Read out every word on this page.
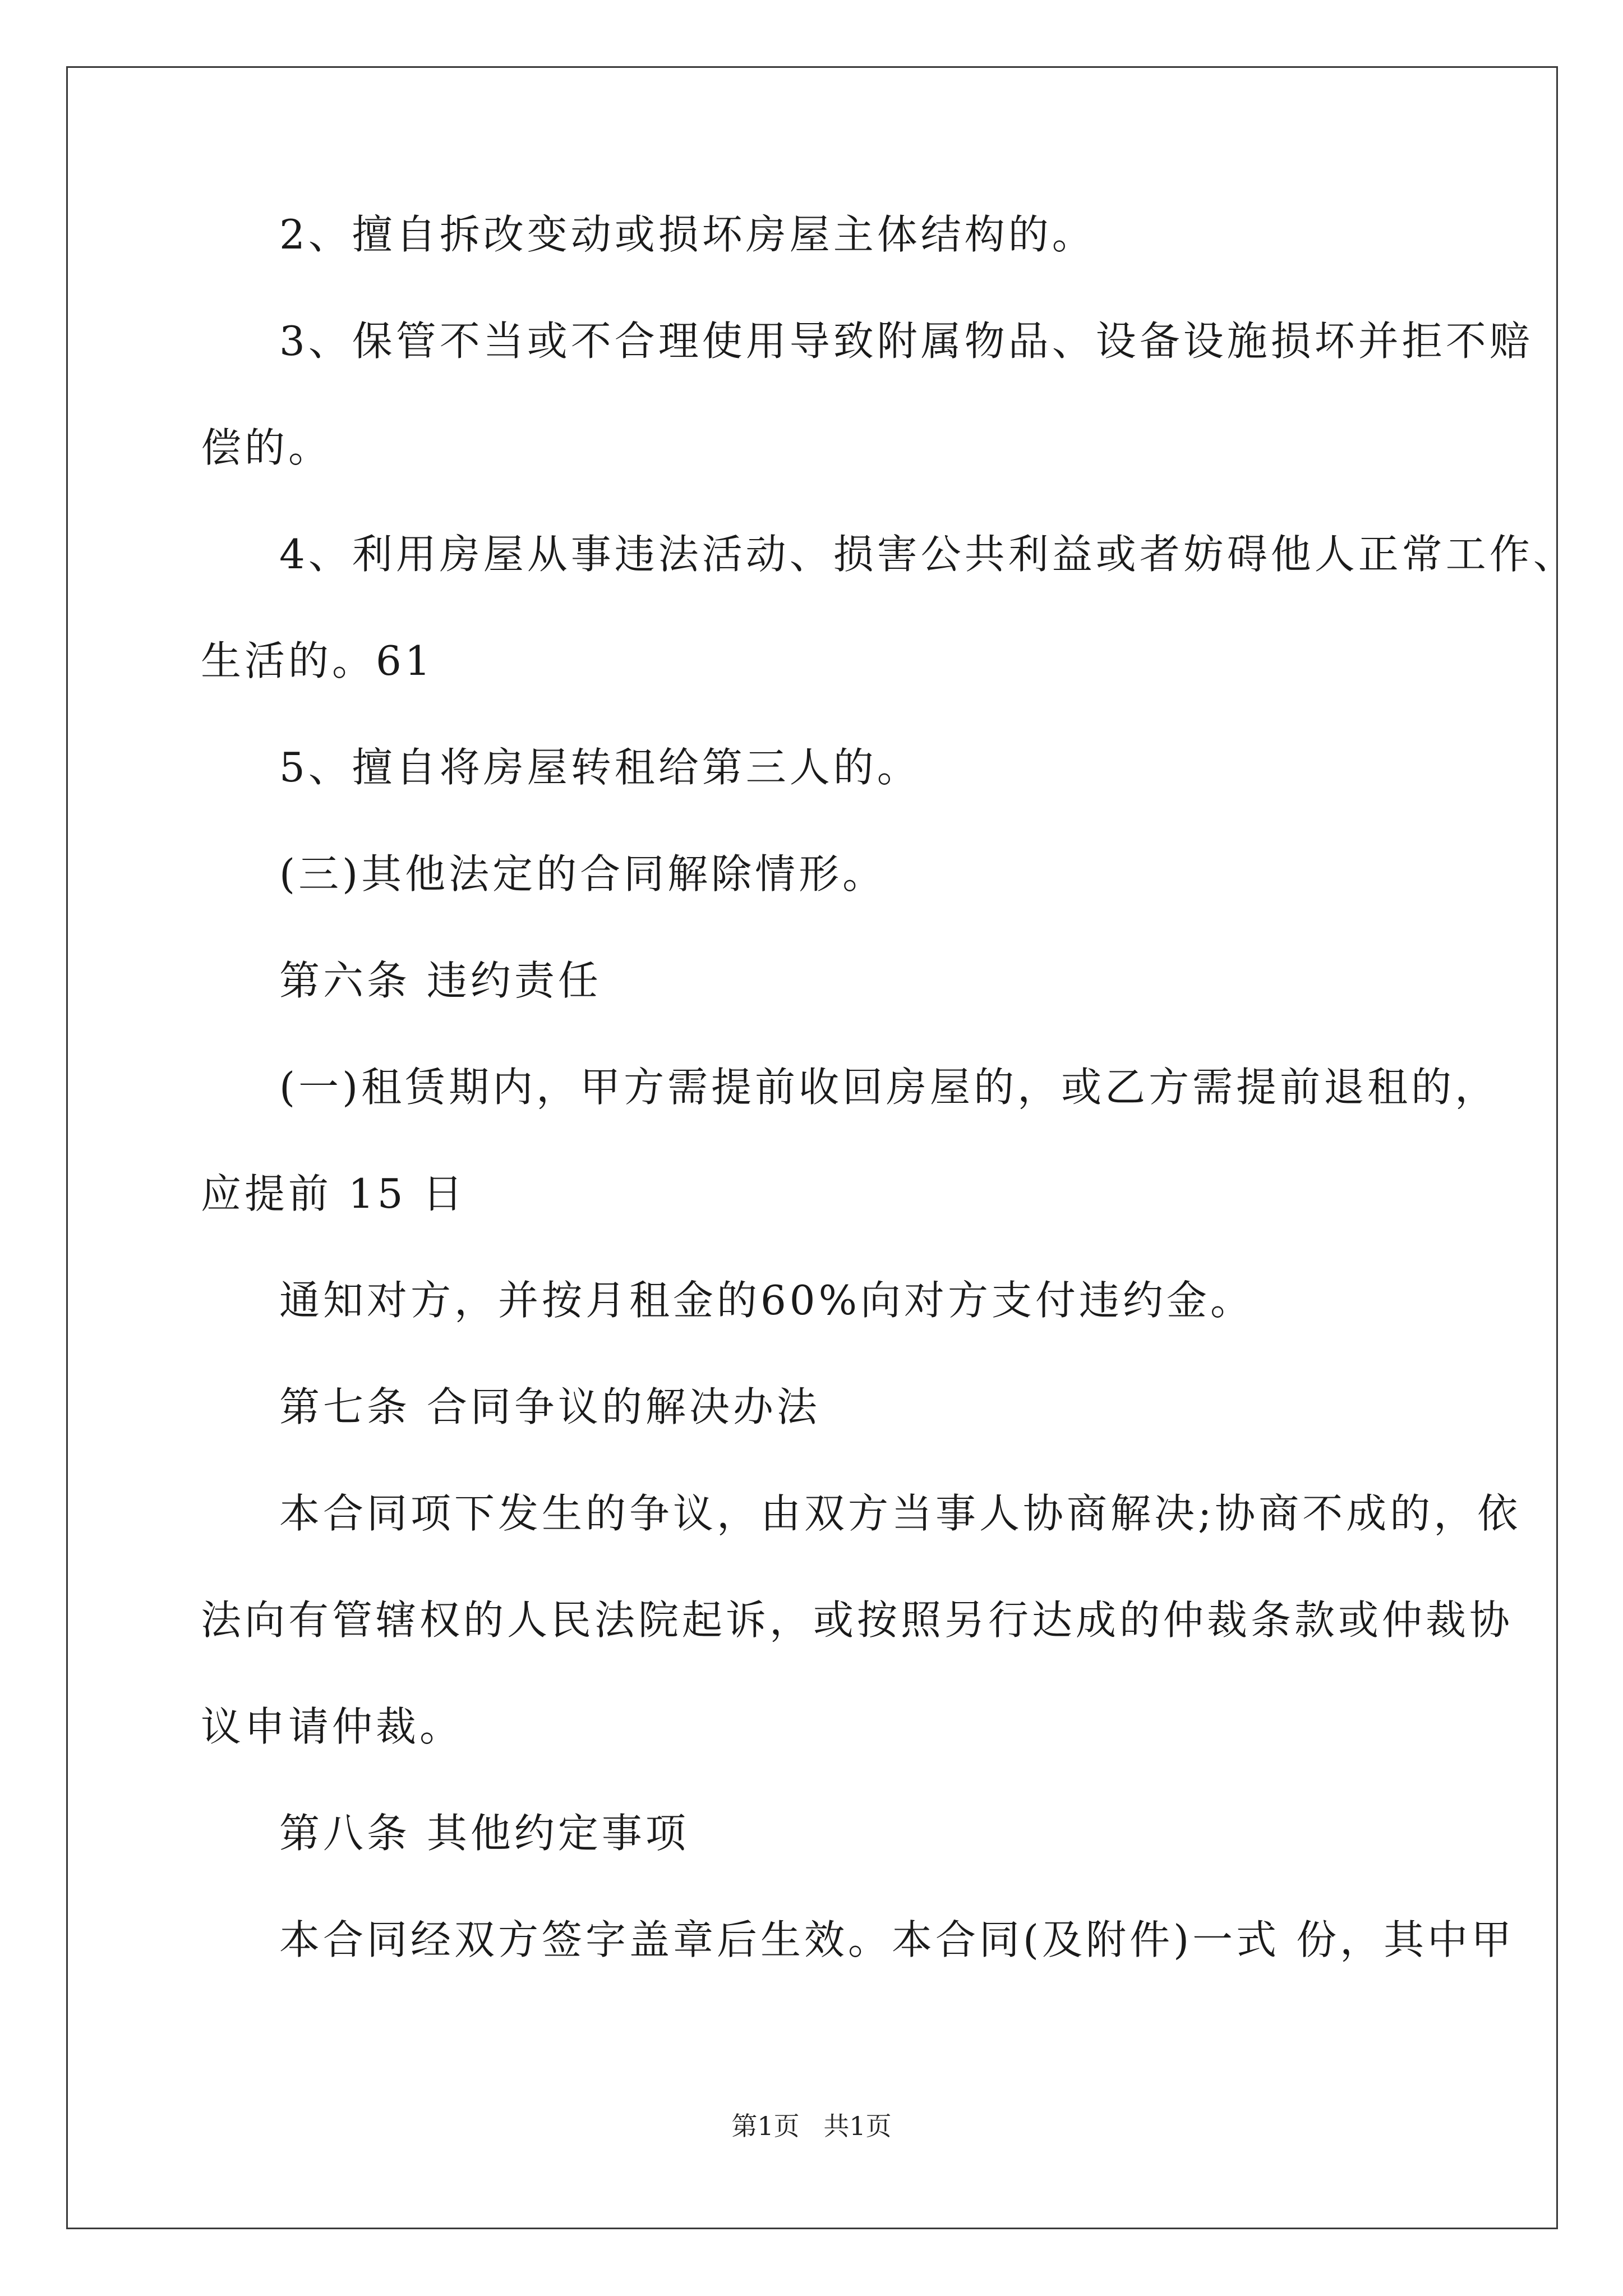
2、擅自拆改变动或损坏房屋主体结构的。
3、保管不当或不合理使用导致附属物品、设备设施损坏并拒不赔
偿的。
4、利用房屋从事违法活动、损害公共利益或者妨碍他人正常工作、
生活的。61
5、擅自将房屋转租给第三人的。
(三)其他法定的合同解除情形。
第六条 违约责任
(一)租赁期内，甲方需提前收回房屋的，或乙方需提前退租的，
应提前 15 日
通知对方，并按月租金的60%向对方支付违约金。
第七条 合同争议的解决办法
本合同项下发生的争议，由双方当事人协商解决;协商不成的，依
法向有管辖权的人民法院起诉，或按照另行达成的仲裁条款或仲裁协
议申请仲裁。
第八条 其他约定事项
本合同经双方签字盖章后生效。本合同(及附件)一式 份，其中甲
第1页 共1页
